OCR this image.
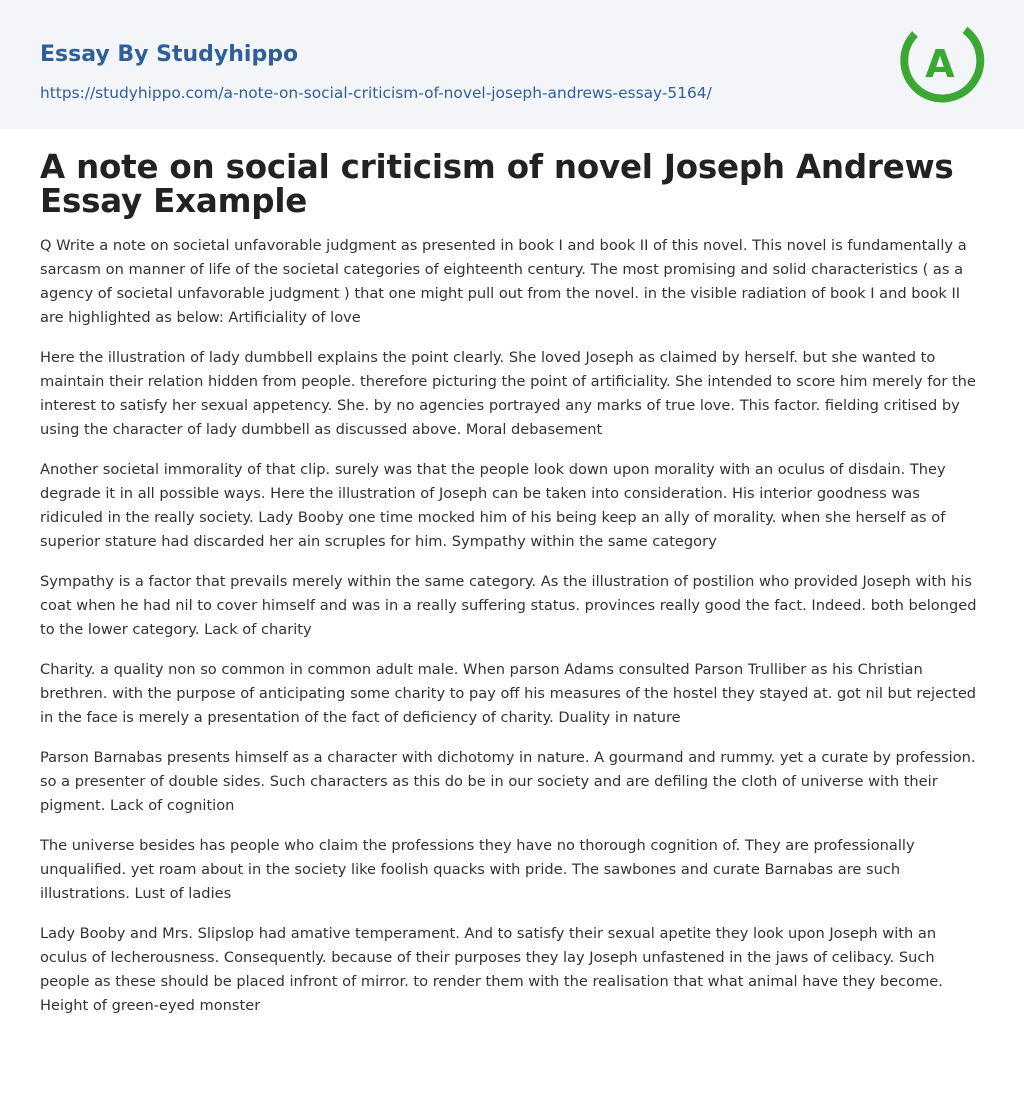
Essay By Studyhippo
https://studyhippo.com/a-note-on-social-criticism-of-novel-joseph-andrews-essay-5164/
A
A note on social criticism of novel Joseph Andrews Essay Example

Q Write a note on societal unfavorable judgment as presented in book I and book II of this novel. This novel is fundamentally a sarcasm on manner of life of the societal categories of eighteenth century. The most promising and solid characteristics ( as a agency of societal unfavorable judgment ) that one might pull out from the novel. in the visible radiation of book I and book II are highlighted as below: Artificiality of love

Here the illustration of lady dumbbell explains the point clearly. She loved Joseph as claimed by herself. but she wanted to maintain their relation hidden from people. therefore picturing the point of artificiality. She intended to score him merely for the interest to satisfy her sexual appetency. She. by no agencies portrayed any marks of true love. This factor. fielding critised by using the character of lady dumbbell as discussed above. Moral debasement

Another societal immorality of that clip. surely was that the people look down upon morality with an oculus of disdain. They degrade it in all possible ways. Here the illustration of Joseph can be taken into consideration. His interior goodness was ridiculed in the really society. Lady Booby one time mocked him of his being keep an ally of morality. when she herself as of superior stature had discarded her ain scruples for him. Sympathy within the same category

Sympathy is a factor that prevails merely within the same category. As the illustration of postilion who provided Joseph with his coat when he had nil to cover himself and was in a really suffering status. provinces really good the fact. Indeed. both belonged to the lower category. Lack of charity

Charity. a quality non so common in common adult male. When parson Adams consulted Parson Trulliber as his Christian brethren. with the purpose of anticipating some charity to pay off his measures of the hostel they stayed at. got nil but rejected in the face is merely a presentation of the fact of deficiency of charity. Duality in nature

Parson Barnabas presents himself as a character with dichotomy in nature. A gourmand and rummy. yet a curate by profession. so a presenter of double sides. Such characters as this do be in our society and are defiling the cloth of universe with their pigment. Lack of cognition

The universe besides has people who claim the professions they have no thorough cognition of. They are professionally unqualified. yet roam about in the society like foolish quacks with pride. The sawbones and curate Barnabas are such illustrations. Lust of ladies

Lady Booby and Mrs. Slipslop had amative temperament. And to satisfy their sexual apetite they look upon Joseph with an oculus of lecherousness. Consequently. because of their purposes they lay Joseph unfastened in the jaws of celibacy. Such people as these should be placed infront of mirror. to render them with the realisation that what animal have they become. Height of green-eyed monster
